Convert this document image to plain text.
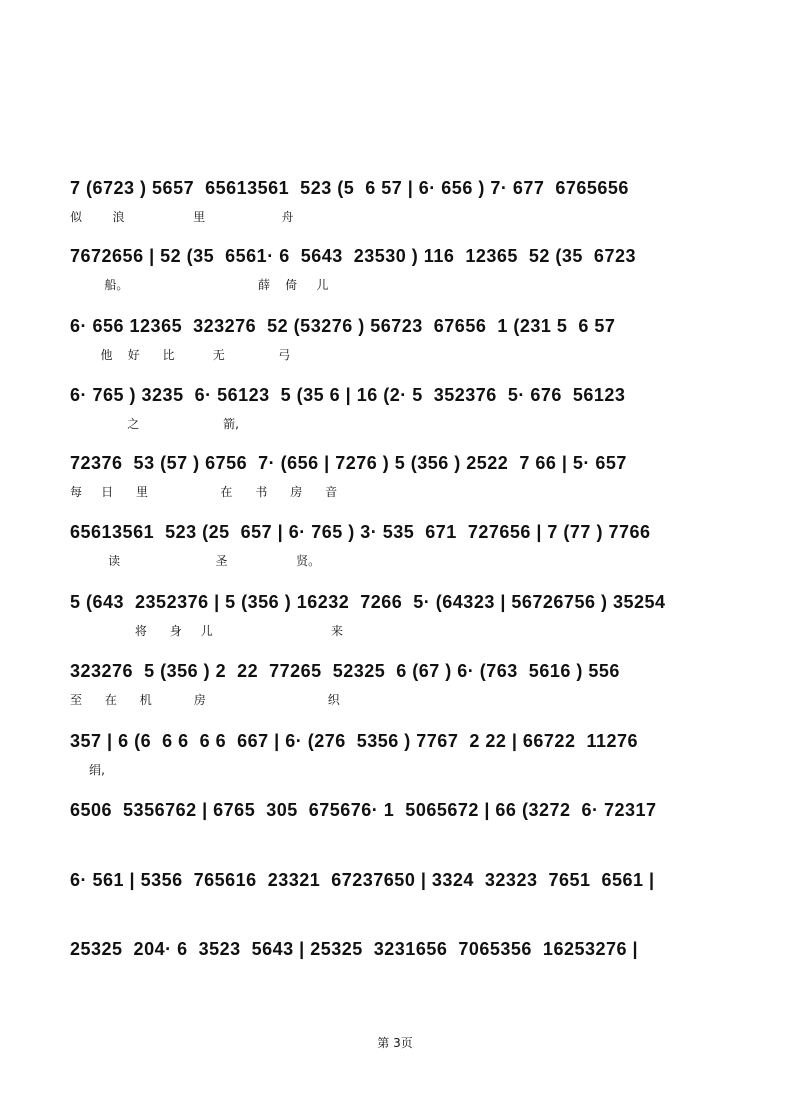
7 (6723 ) 5657  65613561  523 (5  6 57 | 6· 656 ) 7· 677  6765656
似        浪                  里                    舟
7672656 | 52 (35  6561· 6  5643  23530 ) 116  12365  52 (35  6723
船。                                  薛    倚     儿
6· 656 12365  323276  52 (53276 ) 56723  67656  1 (231 5  6 57
他    好      比          无              弓
6· 765 ) 3235  6· 56123  5 (35 6 | 16 (2· 5  352376  5· 676  56123
之                      箭,
72376  53 (57 ) 6756  7· (656 | 7276 ) 5 (356 ) 2522  7 66 | 5· 657
每     日      里                   在      书      房      音
65613561  523 (25  657 | 6· 765 ) 3· 535  671  727656 | 7 (77 ) 7766
读                         圣                  贤。
5 (643  2352376 | 5 (356 ) 16232  7266  5· (64323 | 56726756 ) 35254
将      身     儿                               来
323276  5 (356 ) 2  22  77265  52325  6 (67 ) 6· (763  5616 ) 556
至      在      机           房                                织
357 | 6 (6  6 6  6 6  667 | 6· (276  5356 ) 7767  2 22 | 66722  11276
绢,
6506  5356762 | 6765  305  675676· 1  5065672 | 66 (3272  6· 72317
6· 561 | 5356  765616  23321  67237650 | 3324  32323  7651  6561 |
25325  204· 6  3523  5643 | 25325  3231656  7065356  16253276 |
第 3页
